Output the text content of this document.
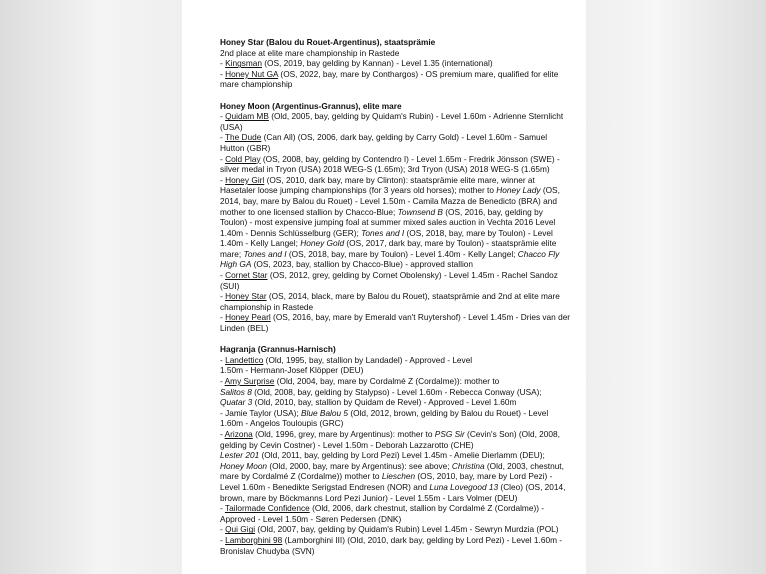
Honey Star (Balou du Rouet-Argentinus), staatsprämie
2nd place at elite mare championship in Rastede
- Kingsman (OS, 2019, bay gelding by Kannan) - Level 1.35 (international)
- Honey Nut GA (OS, 2022, bay, mare by Conthargos) - OS premium mare, qualified for elite mare championship
Honey Moon (Argentinus-Grannus), elite mare
- Quidam MB (Old, 2005, bay, gelding by Quidam's Rubin) - Level 1.60m - Adrienne Sternlicht (USA)
- The Dude (Can All) (OS, 2006, dark bay, gelding by Carry Gold) - Level 1.60m - Samuel Hutton (GBR)
- Cold Play (OS, 2008, bay, gelding by Contendro I) - Level 1.65m - Fredrik Jönsson (SWE) - silver medal in Tryon (USA) 2018 WEG-S (1.65m); 3rd Tryon (USA) 2018 WEG-S (1.65m)
- Honey Girl (OS, 2010, dark bay, mare by Clinton): staatsprämie elite mare, winner at Hasetaler loose jumping championships (for 3 years old horses); mother to Honey Lady (OS, 2014, bay, mare by Balou du Rouet) - Level 1.50m - Camila Mazza de Benedicto (BRA) and mother to one licensed stallion by Chacco-Blue; Townsend B (OS, 2016, bay, gelding by Toulon) - most expensive jumping foal at summer mixed sales auction in Vechta 2016 Level 1.40m - Dennis Schlüsselburg (GER); Tones and I (OS, 2018, bay, mare by Toulon) - Level 1.40m - Kelly Langel; Honey Gold (OS, 2017, dark bay, mare by Toulon) - staatsprämie elite mare; Tones and I (OS, 2018, bay, mare by Toulon) - Level 1.40m - Kelly Langel; Chacco Fly High GA (OS, 2023, bay, stallion by Chacco-Blue) - approved stallion
- Cornet Star (OS, 2012, grey, gelding by Cornet Obolensky) - Level 1.45m - Rachel Sandoz (SUI)
- Honey Star (OS, 2014, black, mare by Balou du Rouet), staatsprämie and 2nd at elite mare championship in Rastede
- Honey Pearl (OS, 2016, bay, mare by Emerald van't Ruytershof) - Level 1.45m - Dries van der Linden (BEL)
Hagranja (Grannus-Harnisch)
- Landettico (Old, 1995, bay, stallion by Landadel) - Approved - Level
1.50m - Hermann-Josef Klöpper (DEU)
- Amy Surprise (Old, 2004, bay, mare by Cordalmé Z (Cordalme)): mother to
Salitos 8 (Old, 2008, bay, gelding by Stalypso) - Level 1.60m - Rebecca Conway (USA);
Quatar 3 (Old, 2010, bay, stallion by Quidam de Revel) - Approved - Level 1.60m
- Jamie Taylor (USA); Blue Balou 5 (Old, 2012, brown, gelding by Balou du Rouet) - Level 1.60m - Angelos Touloupis (GRC)
- Arizona (Old, 1996, grey, mare by Argentinus): mother to PSG Sir (Cevin's Son) (Old, 2008, gelding by Cevin Costner) - Level 1.50m - Deborah Lazzarotto (CHE)
Lester 201 (Old, 2011, bay, gelding by Lord Pezi) Level 1.45m - Amelie Dierlamm (DEU);
Honey Moon (Old, 2000, bay, mare by Argentinus): see above; Christina (Old, 2003, chestnut, mare by Cordalmé Z (Cordalme)) mother to Lieschen (OS, 2010, bay, mare by Lord Pezi) - Level 1.60m - Benedikte Serigstad Endresen (NOR) and Luna Lovegood 13 (Cleo) (OS, 2014, brown, mare by Böckmanns Lord Pezi Junior) - Level 1.55m - Lars Volmer (DEU)
- Tailormade Confidence (Old, 2006, dark chestnut, stallion by Cordalmé Z (Cordalme)) - Approved - Level 1.50m - Søren Pedersen (DNK)
- Qui Gigi (Old, 2007, bay, gelding by Quidam's Rubin) Level 1.45m - Sewryn Murdzia (POL)
- Lamborghini 98 (Lamborghini III) (Old, 2010, dark bay, gelding by Lord Pezi) - Level 1.60m - Bronislav Chudyba (SVN)
